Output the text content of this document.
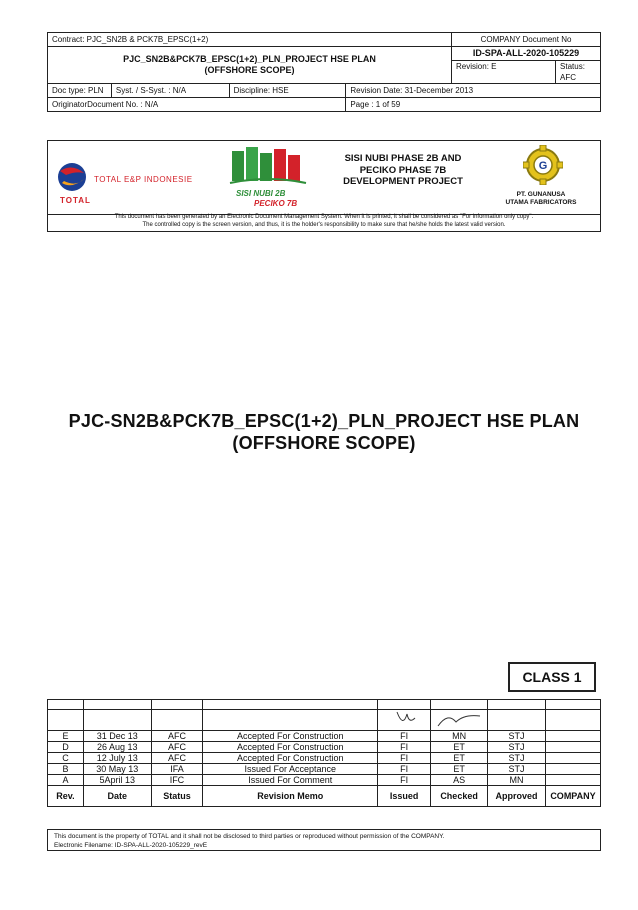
Contract: PJC_SN2B & PCK7B_EPSC(1+2)				COMPANY Document No

PJC_SN2B&PCK7B_EPSC(1+2)_PLN_PROJECT HSE PLAN
(OFFSHORE SCOPE)				ID-SPA-ALL-2020-105229

				Revision: E Status: AFC

Doc type: PLN	Syst. / S-Syst. : N/A	Discipline: HSE	Revision Date: 31-December 2013	

OriginatorDocument No. : N/A			Page : 1 of 59	
TOTAL E&P INDONESIE
TOTAL
SISI NUBI 2B
PECIKO 7B
SISI NUBI PHASE 2B AND
PECIKO PHASE 7B
DEVELOPMENT PROJECT
G
PT. GUNANUSA
UTAMA FABRICATORS
This document has been generated by an Electronic Document Management System. When it is printed, it shall be considered as "For information only copy".
The controlled copy is the screen version, and thus, it is the holder's responsibility to make sure that he/she holds the latest valid version.
PJC-SN2B&PCK7B_EPSC(1+2)_PLN_PROJECT HSE PLAN
(OFFSHORE SCOPE)
CLASS 1

E	31 Dec 13	AFC	Accepted For Construction	FI	MN	STJ	
D	26 Aug 13	AFC	Accepted For Construction	FI	ET	STJ	
C	12 July 13	AFC	Accepted For Construction	FI	ET	STJ	
B	30 May 13	IFA	Issued For Acceptance	FI	ET	STJ	
A	5April 13	IFC	Issued For Comment	FI	AS	MN	
Rev.	Date	Status	Revision Memo	Issued	Checked	Approved	COMPANY
This document is the property of TOTAL and it shall not be disclosed to third parties or reproduced without permission of the COMPANY.
Electronic Filename: ID-SPA-ALL-2020-105229_revE
